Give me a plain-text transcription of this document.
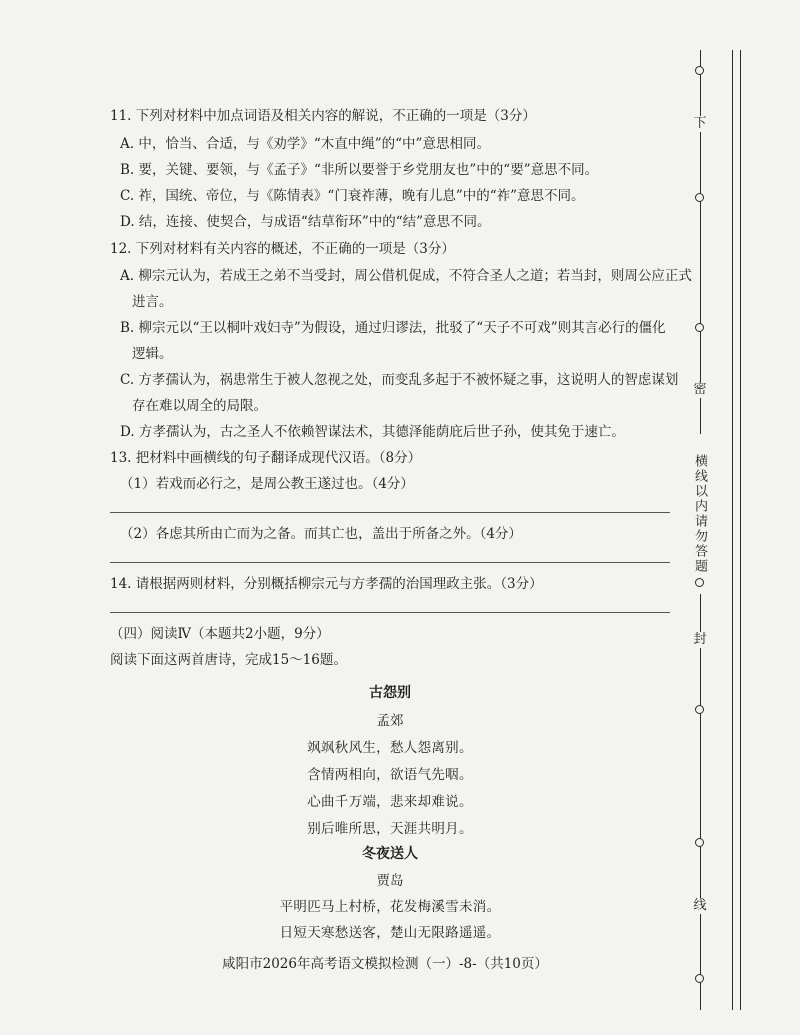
11. 下列对材料中加点词语及相关内容的解说，不正确的一项是（3分）
A. 中，恰当、合适，与《劝学》“木直中绳”的“中”意思相同。
B. 要，关键、要领，与《孟子》“非所以要誉于乡党朋友也”中的“要”意思不同。
C. 祚，国统、帝位，与《陈情表》“门衰祚薄，晚有儿息”中的“祚”意思不同。
D. 结，连接、使契合，与成语“结草衔环”中的“结”意思不同。
12. 下列对材料有关内容的概述，不正确的一项是（3分）
A. 柳宗元认为，若成王之弟不当受封，周公借机促成，不符合圣人之道；若当封，则周公应正式
进言。
B. 柳宗元以“王以桐叶戏妇寺”为假设，通过归谬法，批驳了“天子不可戏”则其言必行的僵化
逻辑。
C. 方孝孺认为，祸患常生于被人忽视之处，而变乱多起于不被怀疑之事，这说明人的智虑谋划
存在难以周全的局限。
D. 方孝孺认为，古之圣人不依赖智谋法术，其德泽能荫庇后世子孙，使其免于速亡。
13. 把材料中画横线的句子翻译成现代汉语。（8分）
（1）若戏而必行之，是周公教王遂过也。（4分）
（2）各虑其所由亡而为之备。而其亡也，盖出于所备之外。（4分）
14. 请根据两则材料，分别概括柳宗元与方孝孺的治国理政主张。（3分）
（四）阅读Ⅳ（本题共2小题，9分）
阅读下面这两首唐诗，完成15～16题。
古怨别
孟郊
飒飒秋风生，愁人怨离别。
含情两相向，欲语气先咽。
心曲千万端，悲来却难说。
别后唯所思，天涯共明月。
冬夜送人
贾岛
平明匹马上村桥，花发梅溪雪未消。
日短天寒愁送客，楚山无限路遥遥。
咸阳市2026年高考语文模拟检测（一）-8-（共10页）
下
密
横线以内请勿答题
封
线
